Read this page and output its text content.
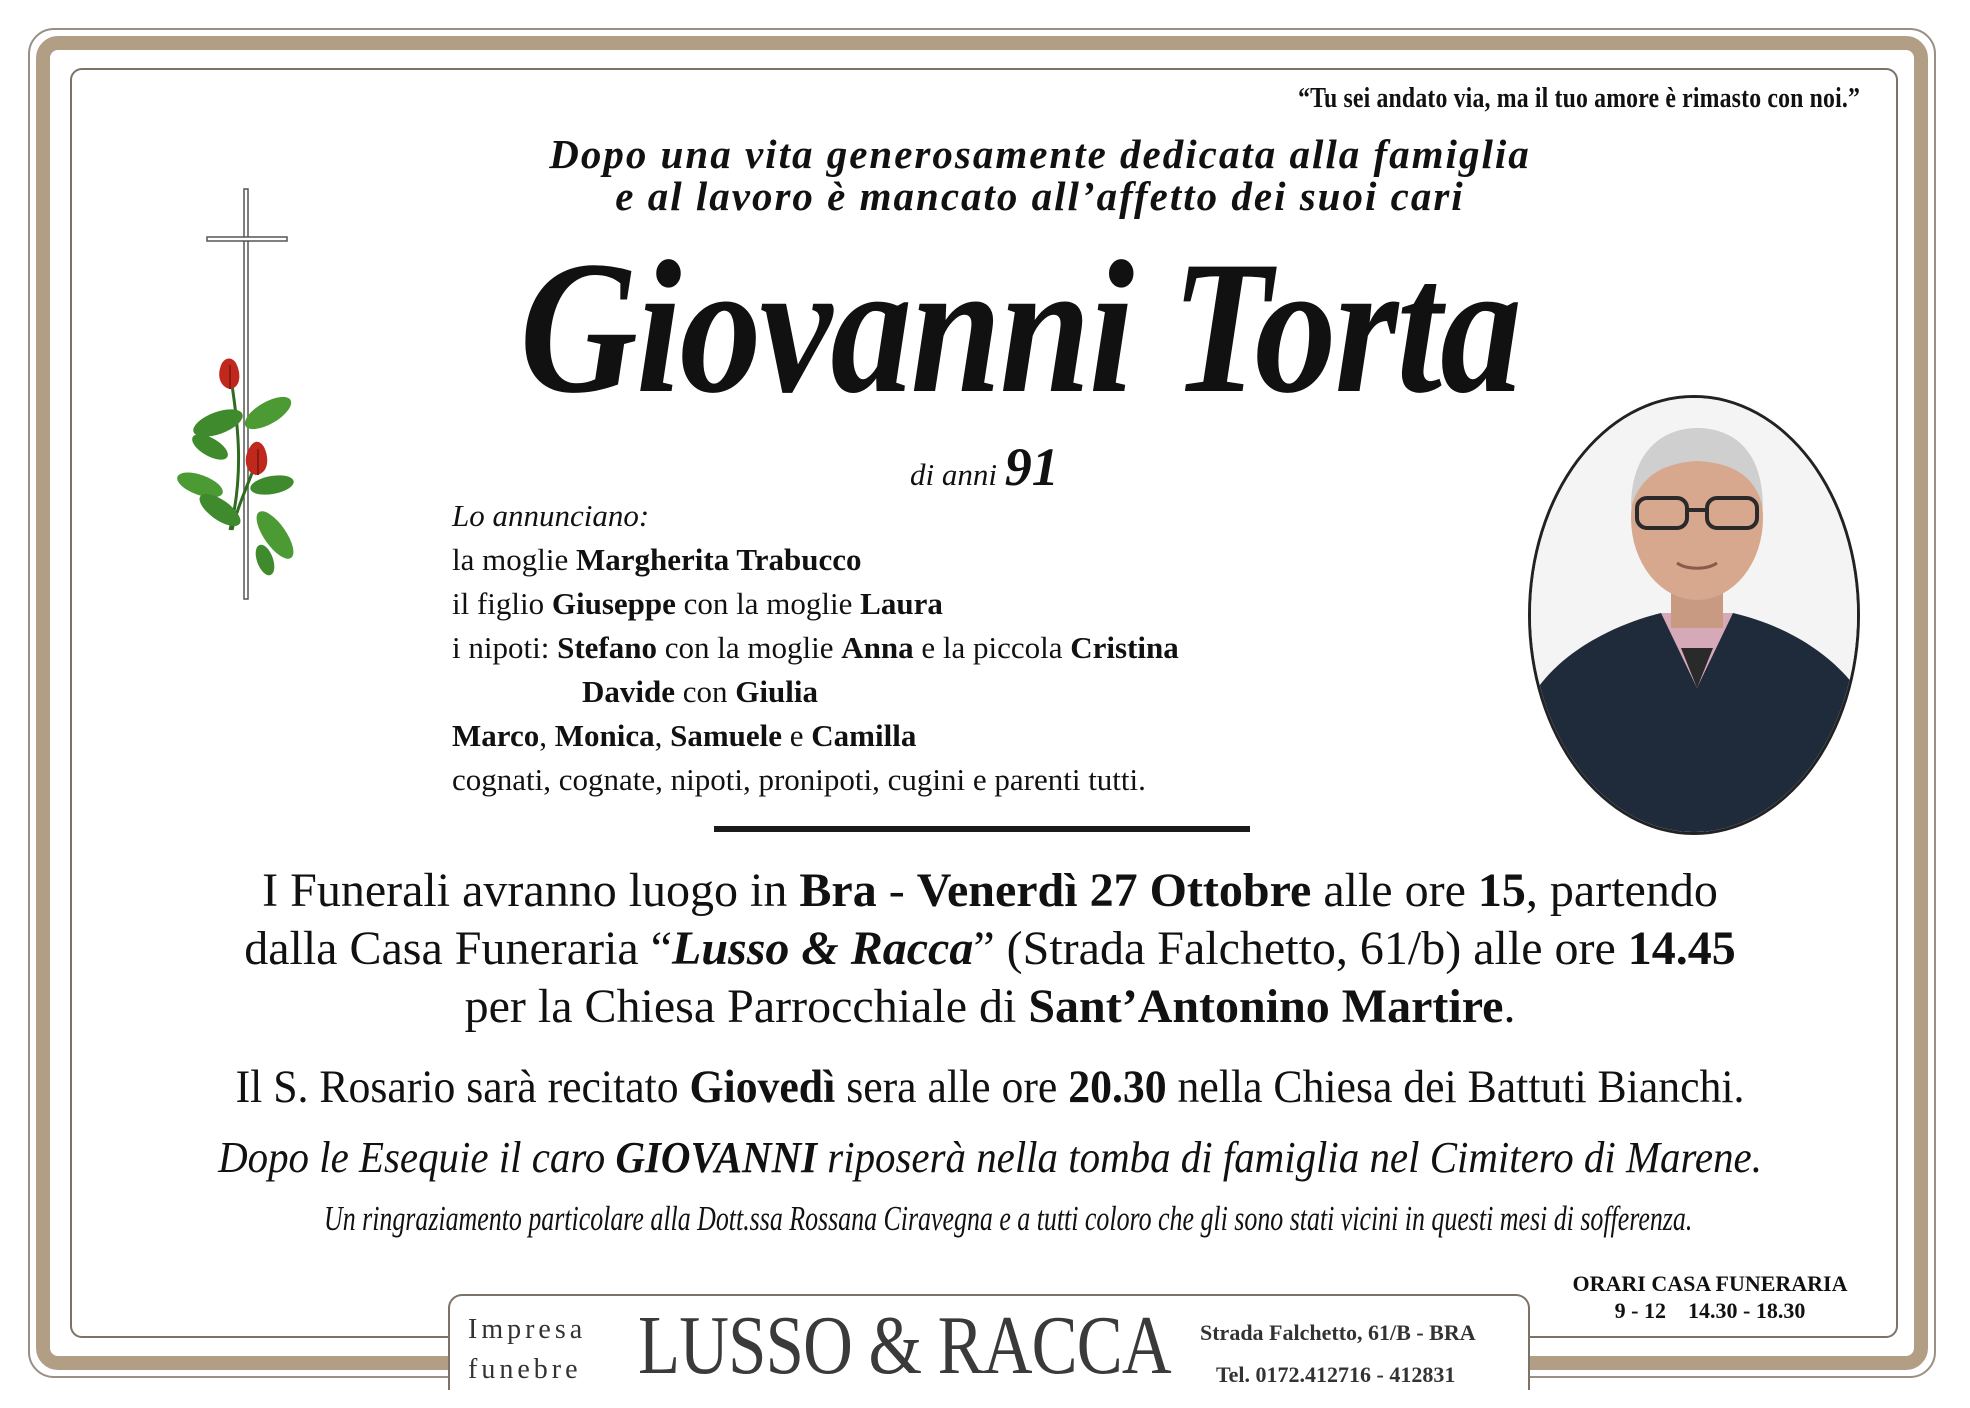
“Tu sei andato via, ma il tuo amore è rimasto con noi.”
Dopo una vita generosamente dedicata alla famiglia
e al lavoro è mancato all’affetto dei suoi cari
Giovanni Torta
di anni 91
Lo annunciano:
la moglie Margherita Trabucco
il figlio Giuseppe con la moglie Laura
i nipoti: Stefano con la moglie Anna e la piccola Cristina
Davide con Giulia
Marco, Monica, Samuele e Camilla
cognati, cognate, nipoti, pronipoti, cugini e parenti tutti.
I Funerali avranno luogo in Bra - Venerdì 27 Ottobre alle ore 15, partendo
dalla Casa Funeraria “Lusso & Racca” (Strada Falchetto, 61/b) alle ore 14.45
per la Chiesa Parrocchiale di Sant’Antonino Martire.
Il S. Rosario sarà recitato Giovedì sera alle ore 20.30 nella Chiesa dei Battuti Bianchi.
Dopo le Esequie il caro GIOVANNI riposerà nella tomba di famiglia nel Cimitero di Marene.
Un ringraziamento particolare alla Dott.ssa Rossana Ciravegna e a tutti coloro che gli sono stati vicini in questi mesi di sofferenza.
ORARI CASA FUNERARIA
9 - 12    14.30 - 18.30
Impresa
funebre LUSSO & RACCA Strada Falchetto, 61/B - BRA
Tel. 0172.412716 - 412831
